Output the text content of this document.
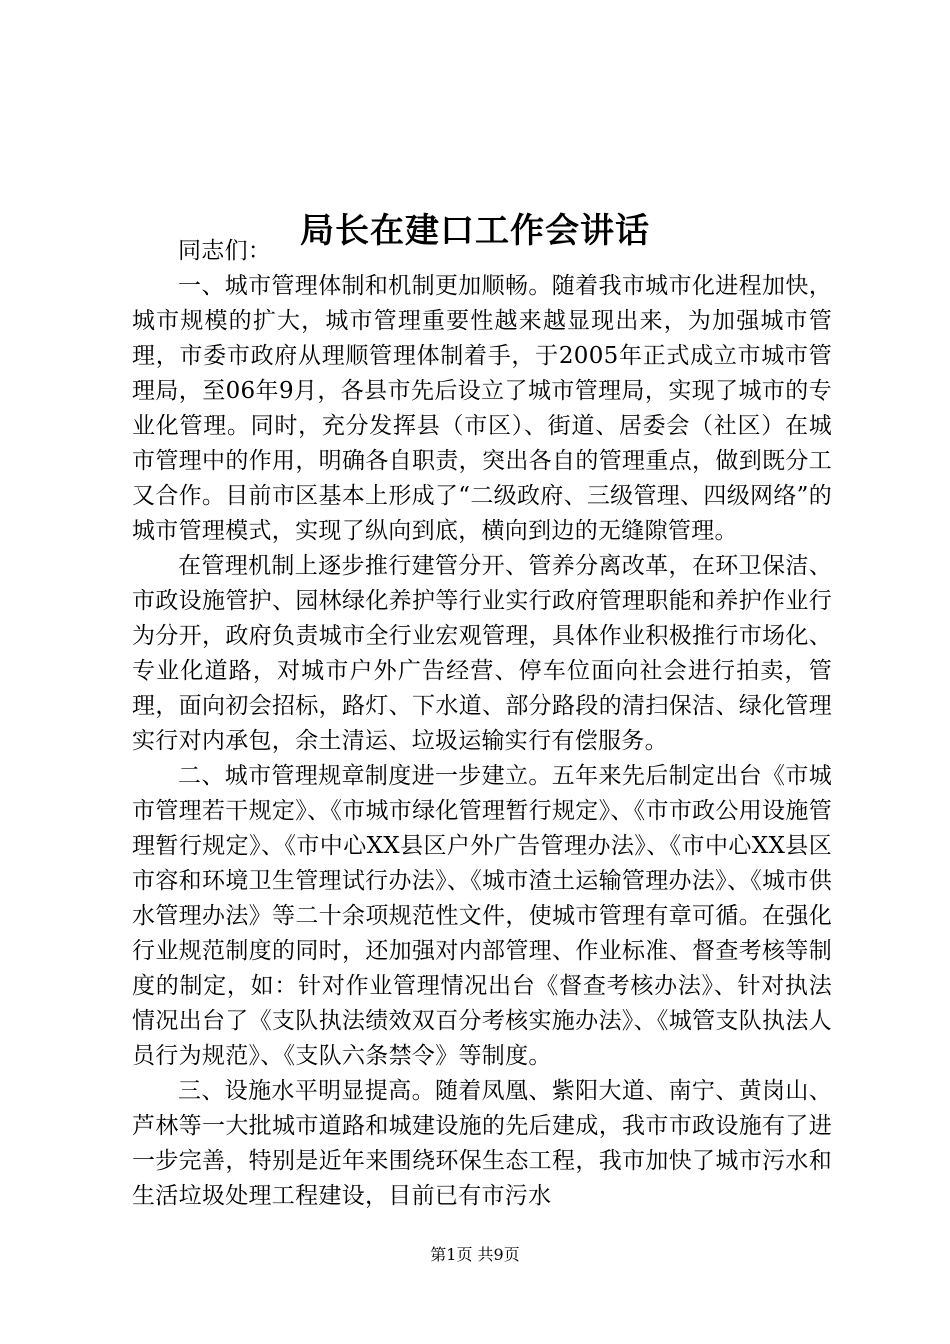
局长在建口工作会讲话

同志们：

一、城市管理体制和机制更加顺畅。随着我市城市化进程加快，城市规模的扩大，城市管理重要性越来越显现出来，为加强城市管理，市委市政府从理顺管理体制着手，于2005年正式成立市城市管理局，至06年9月，各县市先后设立了城市管理局，实现了城市的专业化管理。同时，充分发挥县（市区）、街道、居委会（社区）在城市管理中的作用，明确各自职责，突出各自的管理重点，做到既分工又合作。目前市区基本上形成了“二级政府、三级管理、四级网络”的城市管理模式，实现了纵向到底，横向到边的无缝隙管理。

在管理机制上逐步推行建管分开、管养分离改革，在环卫保洁、市政设施管护、园林绿化养护等行业实行政府管理职能和养护作业行为分开，政府负责城市全行业宏观管理，具体作业积极推行市场化、专业化道路，对城市户外广告经营、停车位面向社会进行拍卖，管理，面向初会招标，路灯、下水道、部分路段的清扫保洁、绿化管理实行对内承包，余土清运、垃圾运输实行有偿服务。

二、城市管理规章制度进一步建立。五年来先后制定出台《市城市管理若干规定》、《市城市绿化管理暂行规定》、《市市政公用设施管理暂行规定》、《市中心XX县区户外广告管理办法》、《市中心XX县区市容和环境卫生管理试行办法》、《城市渣土运输管理办法》、《城市供水管理办法》等二十余项规范性文件，使城市管理有章可循。在强化行业规范制度的同时，还加强对内部管理、作业标准、督查考核等制度的制定，如：针对作业管理情况出台《督查考核办法》、针对执法情况出台了《支队执法绩效双百分考核实施办法》、《城管支队执法人员行为规范》、《支队六条禁令》等制度。

三、设施水平明显提高。随着凤凰、紫阳大道、南宁、黄岗山、芦林等一大批城市道路和城建设施的先后建成，我市市政设施有了进一步完善，特别是近年来围绕环保生态工程，我市加快了城市污水和生活垃圾处理工程建设，目前已有市污水

第1页 共9页
